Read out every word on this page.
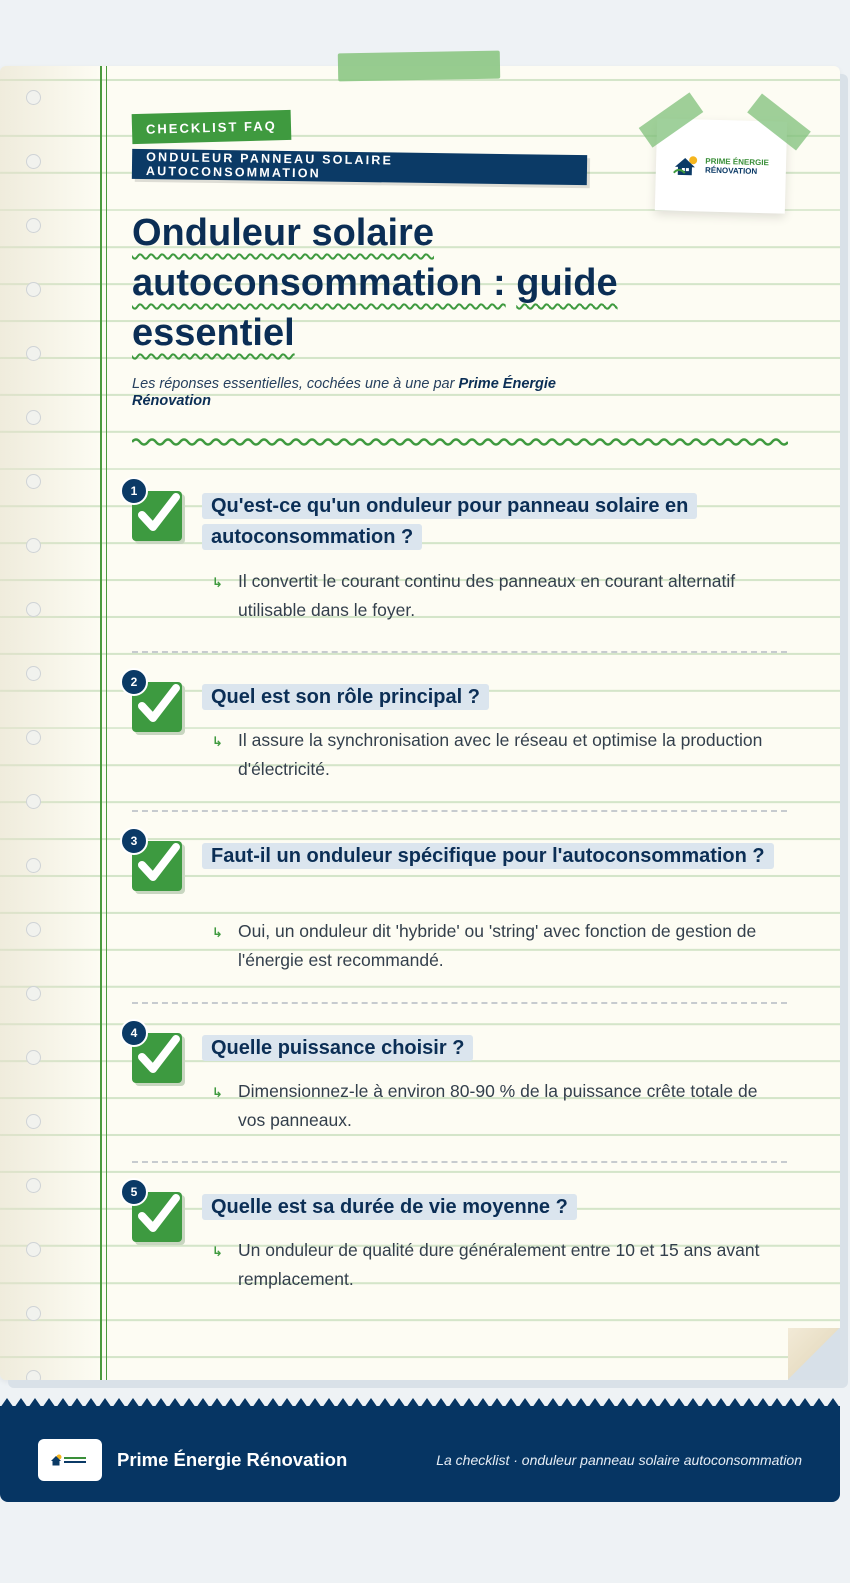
PRIME ÉNERGIE
RÉNOVATION
CHECKLIST FAQ
ONDULEUR PANNEAU SOLAIRE AUTOCONSOMMATION
Onduleur solaire
autoconsommation : guide
essentiel
Les réponses essentielles, cochées une à une par Prime Énergie Rénovation
1
Qu'est-ce qu'un onduleur pour panneau solaire en autoconsommation ?
↳ Il convertit le courant continu des panneaux en courant alternatif utilisable dans le foyer.
2
Quel est son rôle principal ?
↳ Il assure la synchronisation avec le réseau et optimise la production d'électricité.
3
Faut-il un onduleur spécifique pour l'autoconsommation ?
↳ Oui, un onduleur dit 'hybride' ou 'string' avec fonction de gestion de l'énergie est recommandé.
4
Quelle puissance choisir ?
↳ Dimensionnez-le à environ 80-90 % de la puissance crête totale de vos panneaux.
5
Quelle est sa durée de vie moyenne ?
↳ Un onduleur de qualité dure généralement entre 10 et 15 ans avant remplacement.
Prime Énergie Rénovation	La checklist · onduleur panneau solaire autoconsommation
